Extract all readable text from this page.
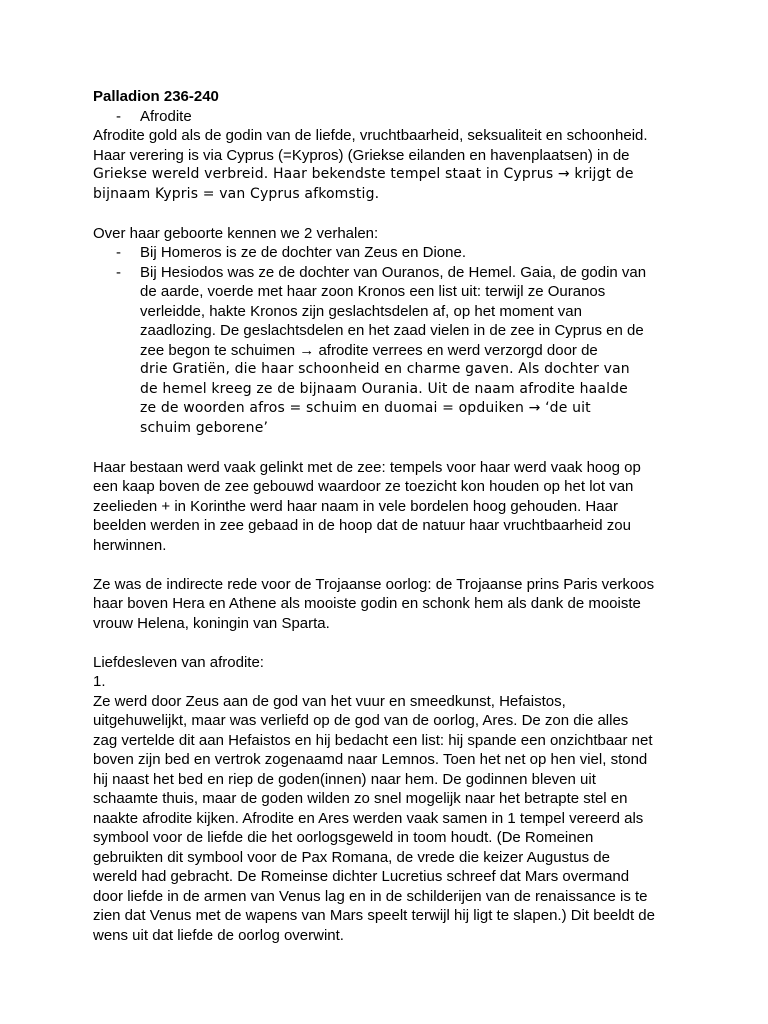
Palladion 236-240
- Afrodite
Afrodite gold als de godin van de liefde, vruchtbaarheid, seksualiteit en schoonheid.
Haar verering is via Cyprus (=Kypros) (Griekse eilanden en havenplaatsen) in de
Griekse wereld verbreid. Haar bekendste tempel staat in Cyprus → krijgt de
bijnaam Kypris = van Cyprus afkomstig.
Over haar geboorte kennen we 2 verhalen:
- Bij Homeros is ze de dochter van Zeus en Dione.
- Bij Hesiodos was ze de dochter van Ouranos, de Hemel. Gaia, de godin van
de aarde, voerde met haar zoon Kronos een list uit: terwijl ze Ouranos
verleidde, hakte Kronos zijn geslachtsdelen af, op het moment van
zaadlozing. De geslachtsdelen en het zaad vielen in de zee in Cyprus en de
zee begon te schuimen → afrodite verrees en werd verzorgd door de
drie Gratiën, die haar schoonheid en charme gaven. Als dochter van
de hemel kreeg ze de bijnaam Ourania. Uit de naam afrodite haalde
ze de woorden afros = schuim en duomai = opduiken → ‘de uit
schuim geborene’
Haar bestaan werd vaak gelinkt met de zee: tempels voor haar werd vaak hoog op
een kaap boven de zee gebouwd waardoor ze toezicht kon houden op het lot van
zeelieden + in Korinthe werd haar naam in vele bordelen hoog gehouden. Haar
beelden werden in zee gebaad in de hoop dat de natuur haar vruchtbaarheid zou
herwinnen.
Ze was de indirecte rede voor de Trojaanse oorlog: de Trojaanse prins Paris verkoos
haar boven Hera en Athene als mooiste godin en schonk hem als dank de mooiste
vrouw Helena, koningin van Sparta.
Liefdesleven van afrodite:
1.
Ze werd door Zeus aan de god van het vuur en smeedkunst, Hefaistos,
uitgehuwelijkt, maar was verliefd op de god van de oorlog, Ares. De zon die alles
zag vertelde dit aan Hefaistos en hij bedacht een list: hij spande een onzichtbaar net
boven zijn bed en vertrok zogenaamd naar Lemnos. Toen het net op hen viel, stond
hij naast het bed en riep de goden(innen) naar hem. De godinnen bleven uit
schaamte thuis, maar de goden wilden zo snel mogelijk naar het betrapte stel en
naakte afrodite kijken. Afrodite en Ares werden vaak samen in 1 tempel vereerd als
symbool voor de liefde die het oorlogsgeweld in toom houdt. (De Romeinen
gebruikten dit symbool voor de Pax Romana, de vrede die keizer Augustus de
wereld had gebracht. De Romeinse dichter Lucretius schreef dat Mars overmand
door liefde in de armen van Venus lag en in de schilderijen van de renaissance is te
zien dat Venus met de wapens van Mars speelt terwijl hij ligt te slapen.) Dit beeldt de
wens uit dat liefde de oorlog overwint.
